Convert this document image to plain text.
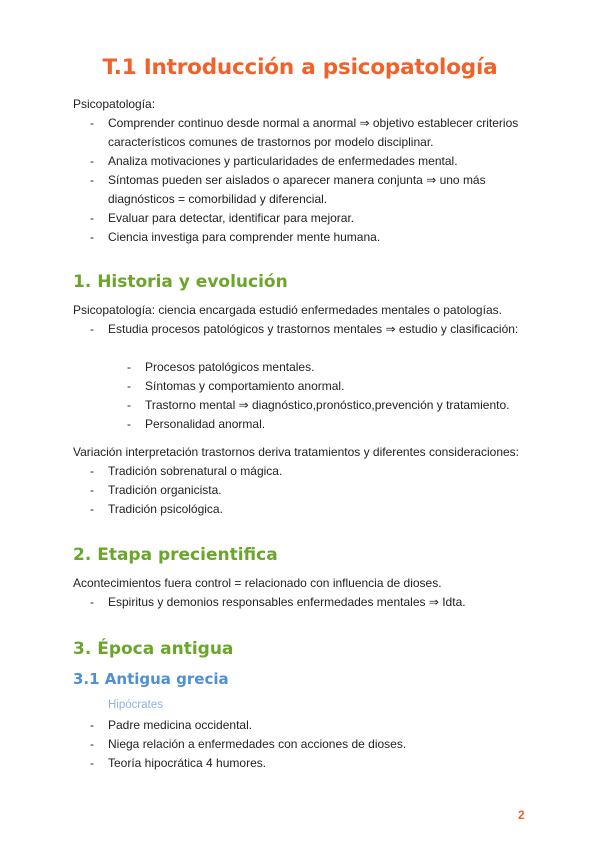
T.1 Introducción a psicopatología

Psicopatología:

- Comprender continuo desde normal a anormal ⇒ objetivo establecer criterios característicos comunes de trastornos por modelo disciplinar.
- Analiza motivaciones y particularidades de enfermedades mental.
- Síntomas pueden ser aislados o aparecer manera conjunta ⇒ uno más diagnósticos = comorbilidad y diferencial.
- Evaluar para detectar, identificar para mejorar.
- Ciencia investiga para comprender mente humana.
1. Historia y evolución

Psicopatología: ciencia encargada estudió enfermedades mentales o patologías.

- Estudia procesos patológicos y trastornos mentales ⇒ estudio y clasificación:
- Procesos patológicos mentales.
- Síntomas y comportamiento anormal.
- Trastorno mental ⇒ diagnóstico,pronóstico,prevención y tratamiento.
- Personalidad anormal.

Variación interpretación trastornos deriva tratamientos y diferentes consideraciones:

- Tradición sobrenatural o mágica.
- Tradición organicista.
- Tradición psicológica.
2. Etapa precientifica

Acontecimientos fuera control = relacionado con influencia de dioses.

- Espiritus y demonios responsables enfermedades mentales ⇒ Idta.
3. Época antigua
3.1 Antigua grecia
Hipócrates
- Padre medicina occidental.
- Niega relación a enfermedades con acciones de dioses.
- Teoría hipocrática 4 humores.
2
